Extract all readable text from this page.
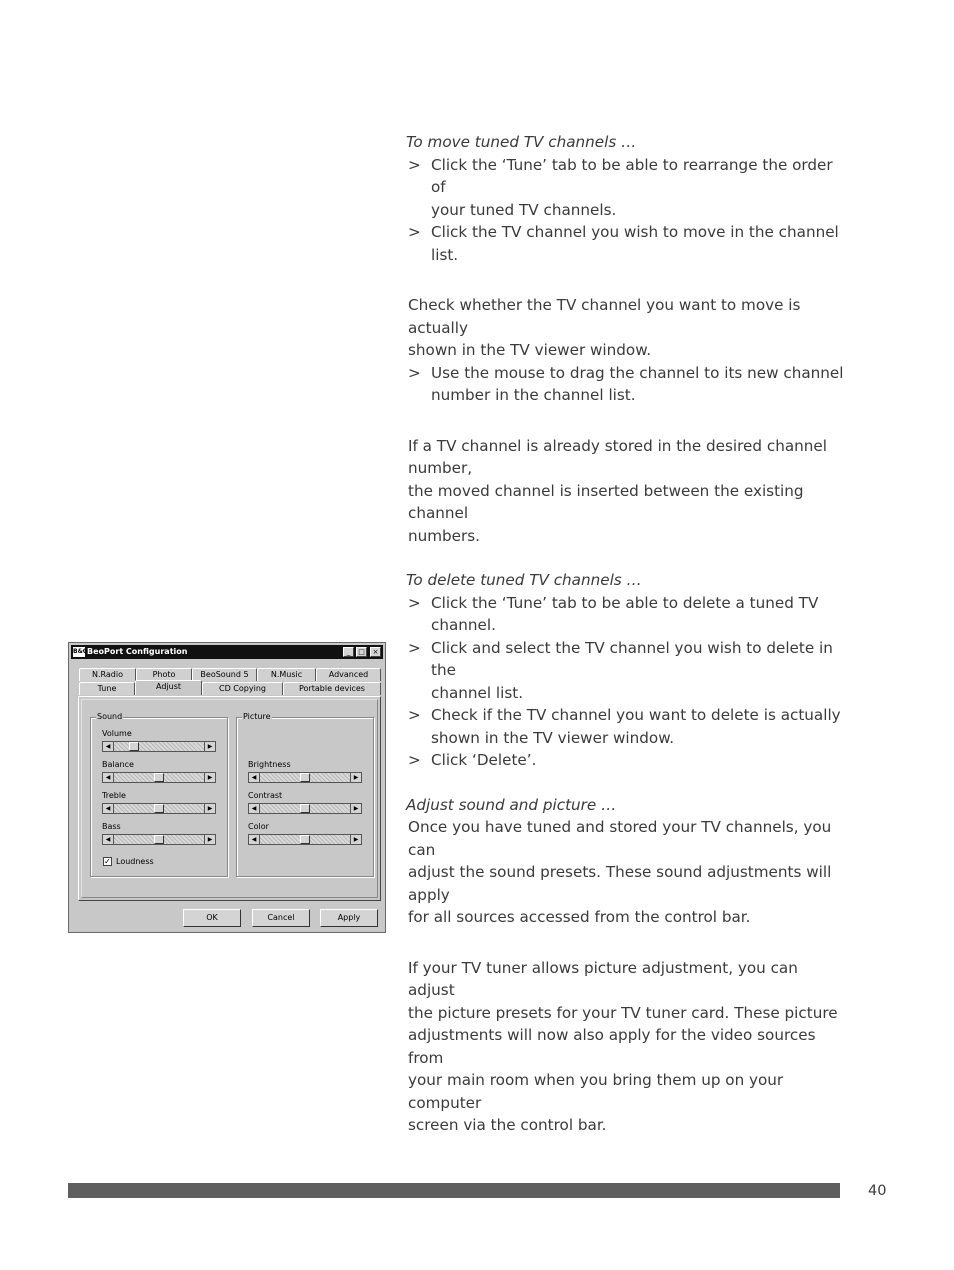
To move tuned TV channels …
> Click the ‘Tune’ tab to be able to rearrange the order of
your tuned TV channels.
> Click the TV channel you wish to move in the channel list.

Check whether the TV channel you want to move is actually
shown in the TV viewer window.

> Use the mouse to drag the channel to its new channel
number in the channel list.

If a TV channel is already stored in the desired channel number,
the moved channel is inserted between the existing channel
numbers.

To delete tuned TV channels …
> Click the ‘Tune’ tab to be able to delete a tuned TV channel.
> Click and select the TV channel you wish to delete in the
channel list.
> Check if the TV channel you want to delete is actually
shown in the TV viewer window.
> Click ‘Delete’.
Adjust sound and picture …

Once you have tuned and stored your TV channels, you can
adjust the sound presets. These sound adjustments will apply
for all sources accessed from the control bar.

If your TV tuner allows picture adjustment, you can adjust
the picture presets for your TV tuner card. These picture
adjustments will now also apply for the video sources from
your main room when you bring them up on your computer
screen via the control bar.

B&O BeoPort Configuration	_	□	×
N.Radio	Photo	BeoSound 5	N.Music	Advanced
Tune	Adjust	CD Copying	Portable devices
Sound
Volume
◀	▶
Balance
◀	▶
Treble
◀	▶
Bass
◀	▶
✓ Loudness
Picture
Brightness
◀	▶
Contrast
◀	▶
Color
◀	▶
OK	Cancel	Apply
40
